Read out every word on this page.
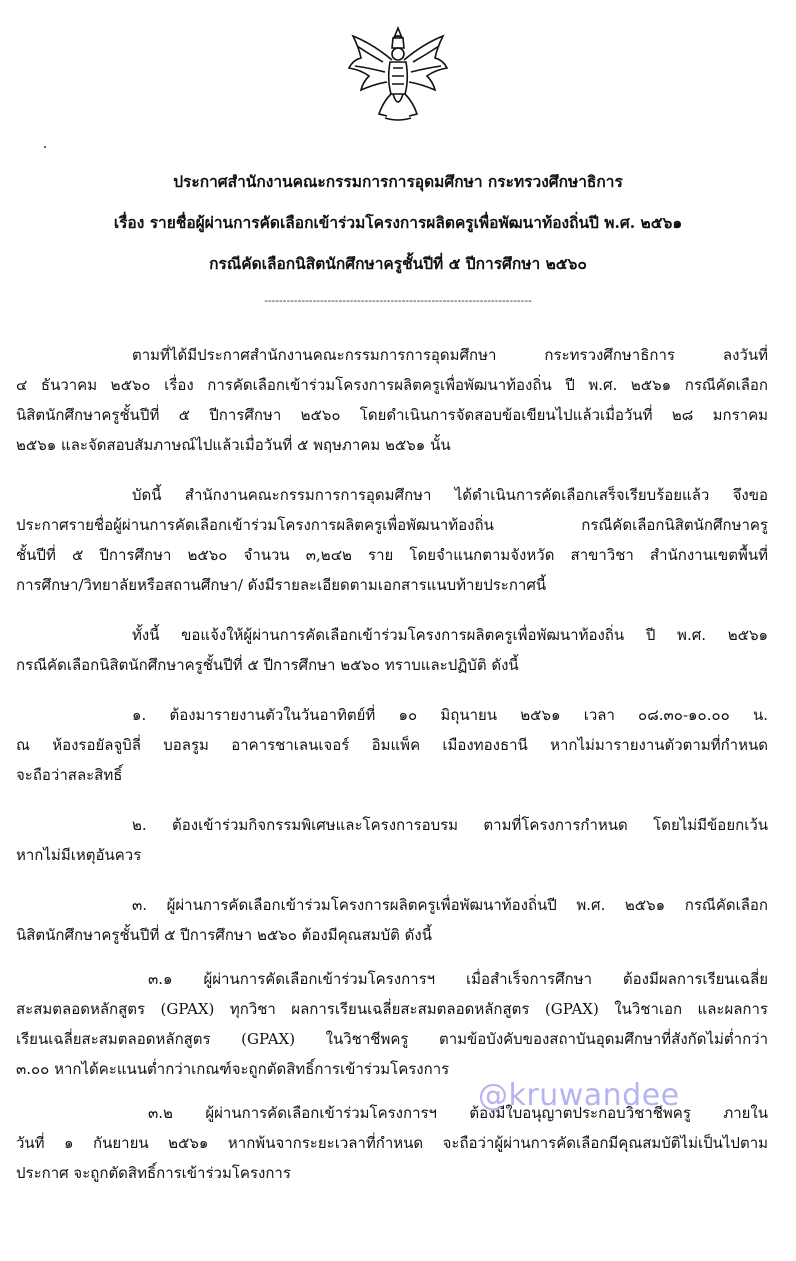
ประกาศสำนักงานคณะกรรมการการอุดมศึกษา กระทรวงศึกษาธิการ
เรื่อง รายชื่อผู้ผ่านการคัดเลือกเข้าร่วมโครงการผลิตครูเพื่อพัฒนาท้องถิ่นปี พ.ศ. ๒๕๖๑
กรณีคัดเลือกนิสิตนักศึกษาครูชั้นปีที่ ๕ ปีการศึกษา ๒๕๖๐
------------------------------------------------------------------------
ตามที่ได้มีประกาศสำนักงานคณะกรรมการการอุดมศึกษา กระทรวงศึกษาธิการ ลงวันที่
๔ ธันวาคม ๒๕๖๐ เรื่อง การคัดเลือกเข้าร่วมโครงการผลิตครูเพื่อพัฒนาท้องถิ่น ปี พ.ศ. ๒๕๖๑ กรณีคัดเลือก
นิสิตนักศึกษาครูชั้นปีที่ ๕ ปีการศึกษา ๒๕๖๐ โดยดำเนินการจัดสอบข้อเขียนไปแล้วเมื่อวันที่ ๒๘ มกราคม
๒๕๖๑ และจัดสอบสัมภาษณ์ไปแล้วเมื่อวันที่ ๕ พฤษภาคม ๒๕๖๑ นั้น
บัดนี้ สำนักงานคณะกรรมการการอุดมศึกษา ได้ดำเนินการคัดเลือกเสร็จเรียบร้อยแล้ว จึงขอ
ประกาศรายชื่อผู้ผ่านการคัดเลือกเข้าร่วมโครงการผลิตครูเพื่อพัฒนาท้องถิ่น กรณีคัดเลือกนิสิตนักศึกษาครู
ชั้นปีที่ ๕ ปีการศึกษา ๒๕๖๐ จำนวน ๓,๒๔๒ ราย โดยจำแนกตามจังหวัด สาขาวิชา สำนักงานเขตพื้นที่
การศึกษา/วิทยาลัยหรือสถานศึกษา/ ดังมีรายละเอียดตามเอกสารแนบท้ายประกาศนี้
ทั้งนี้ ขอแจ้งให้ผู้ผ่านการคัดเลือกเข้าร่วมโครงการผลิตครูเพื่อพัฒนาท้องถิ่น ปี พ.ศ. ๒๕๖๑
กรณีคัดเลือกนิสิตนักศึกษาครูชั้นปีที่ ๕ ปีการศึกษา ๒๕๖๐ ทราบและปฏิบัติ ดังนี้
๑. ต้องมารายงานตัวในวันอาทิตย์ที่ ๑๐ มิถุนายน ๒๕๖๑ เวลา ๐๘.๓๐-๑๐.๐๐ น.
ณ ห้องรอยัลจูบิลี่ บอลรูม อาคารชาเลนเจอร์ อิมแพ็ค เมืองทองธานี หากไม่มารายงานตัวตามที่กำหนด
จะถือว่าสละสิทธิ์
๒. ต้องเข้าร่วมกิจกรรมพิเศษและโครงการอบรม ตามที่โครงการกำหนด โดยไม่มีข้อยกเว้น
หากไม่มีเหตุอันควร
๓. ผู้ผ่านการคัดเลือกเข้าร่วมโครงการผลิตครูเพื่อพัฒนาท้องถิ่นปี พ.ศ. ๒๕๖๑ กรณีคัดเลือก
นิสิตนักศึกษาครูชั้นปีที่ ๕ ปีการศึกษา ๒๕๖๐ ต้องมีคุณสมบัติ ดังนี้
๓.๑ ผู้ผ่านการคัดเลือกเข้าร่วมโครงการฯ เมื่อสำเร็จการศึกษา ต้องมีผลการเรียนเฉลี่ย
สะสมตลอดหลักสูตร (GPAX) ทุกวิชา ผลการเรียนเฉลี่ยสะสมตลอดหลักสูตร (GPAX) ในวิชาเอก และผลการ
เรียนเฉลี่ยสะสมตลอดหลักสูตร (GPAX) ในวิชาชีพครู ตามข้อบังคับของสถาบันอุดมศึกษาที่สังกัดไม่ต่ำกว่า
๓.๐๐ หากได้คะแนนต่ำกว่าเกณฑ์จะถูกตัดสิทธิ์การเข้าร่วมโครงการ
๓.๒ ผู้ผ่านการคัดเลือกเข้าร่วมโครงการฯ ต้องมีใบอนุญาตประกอบวิชาชีพครู ภายใน
วันที่ ๑ กันยายน ๒๕๖๑ หากพ้นจากระยะเวลาที่กำหนด จะถือว่าผู้ผ่านการคัดเลือกมีคุณสมบัติไม่เป็นไปตาม
ประกาศ จะถูกตัดสิทธิ์การเข้าร่วมโครงการ
@kruwandee
